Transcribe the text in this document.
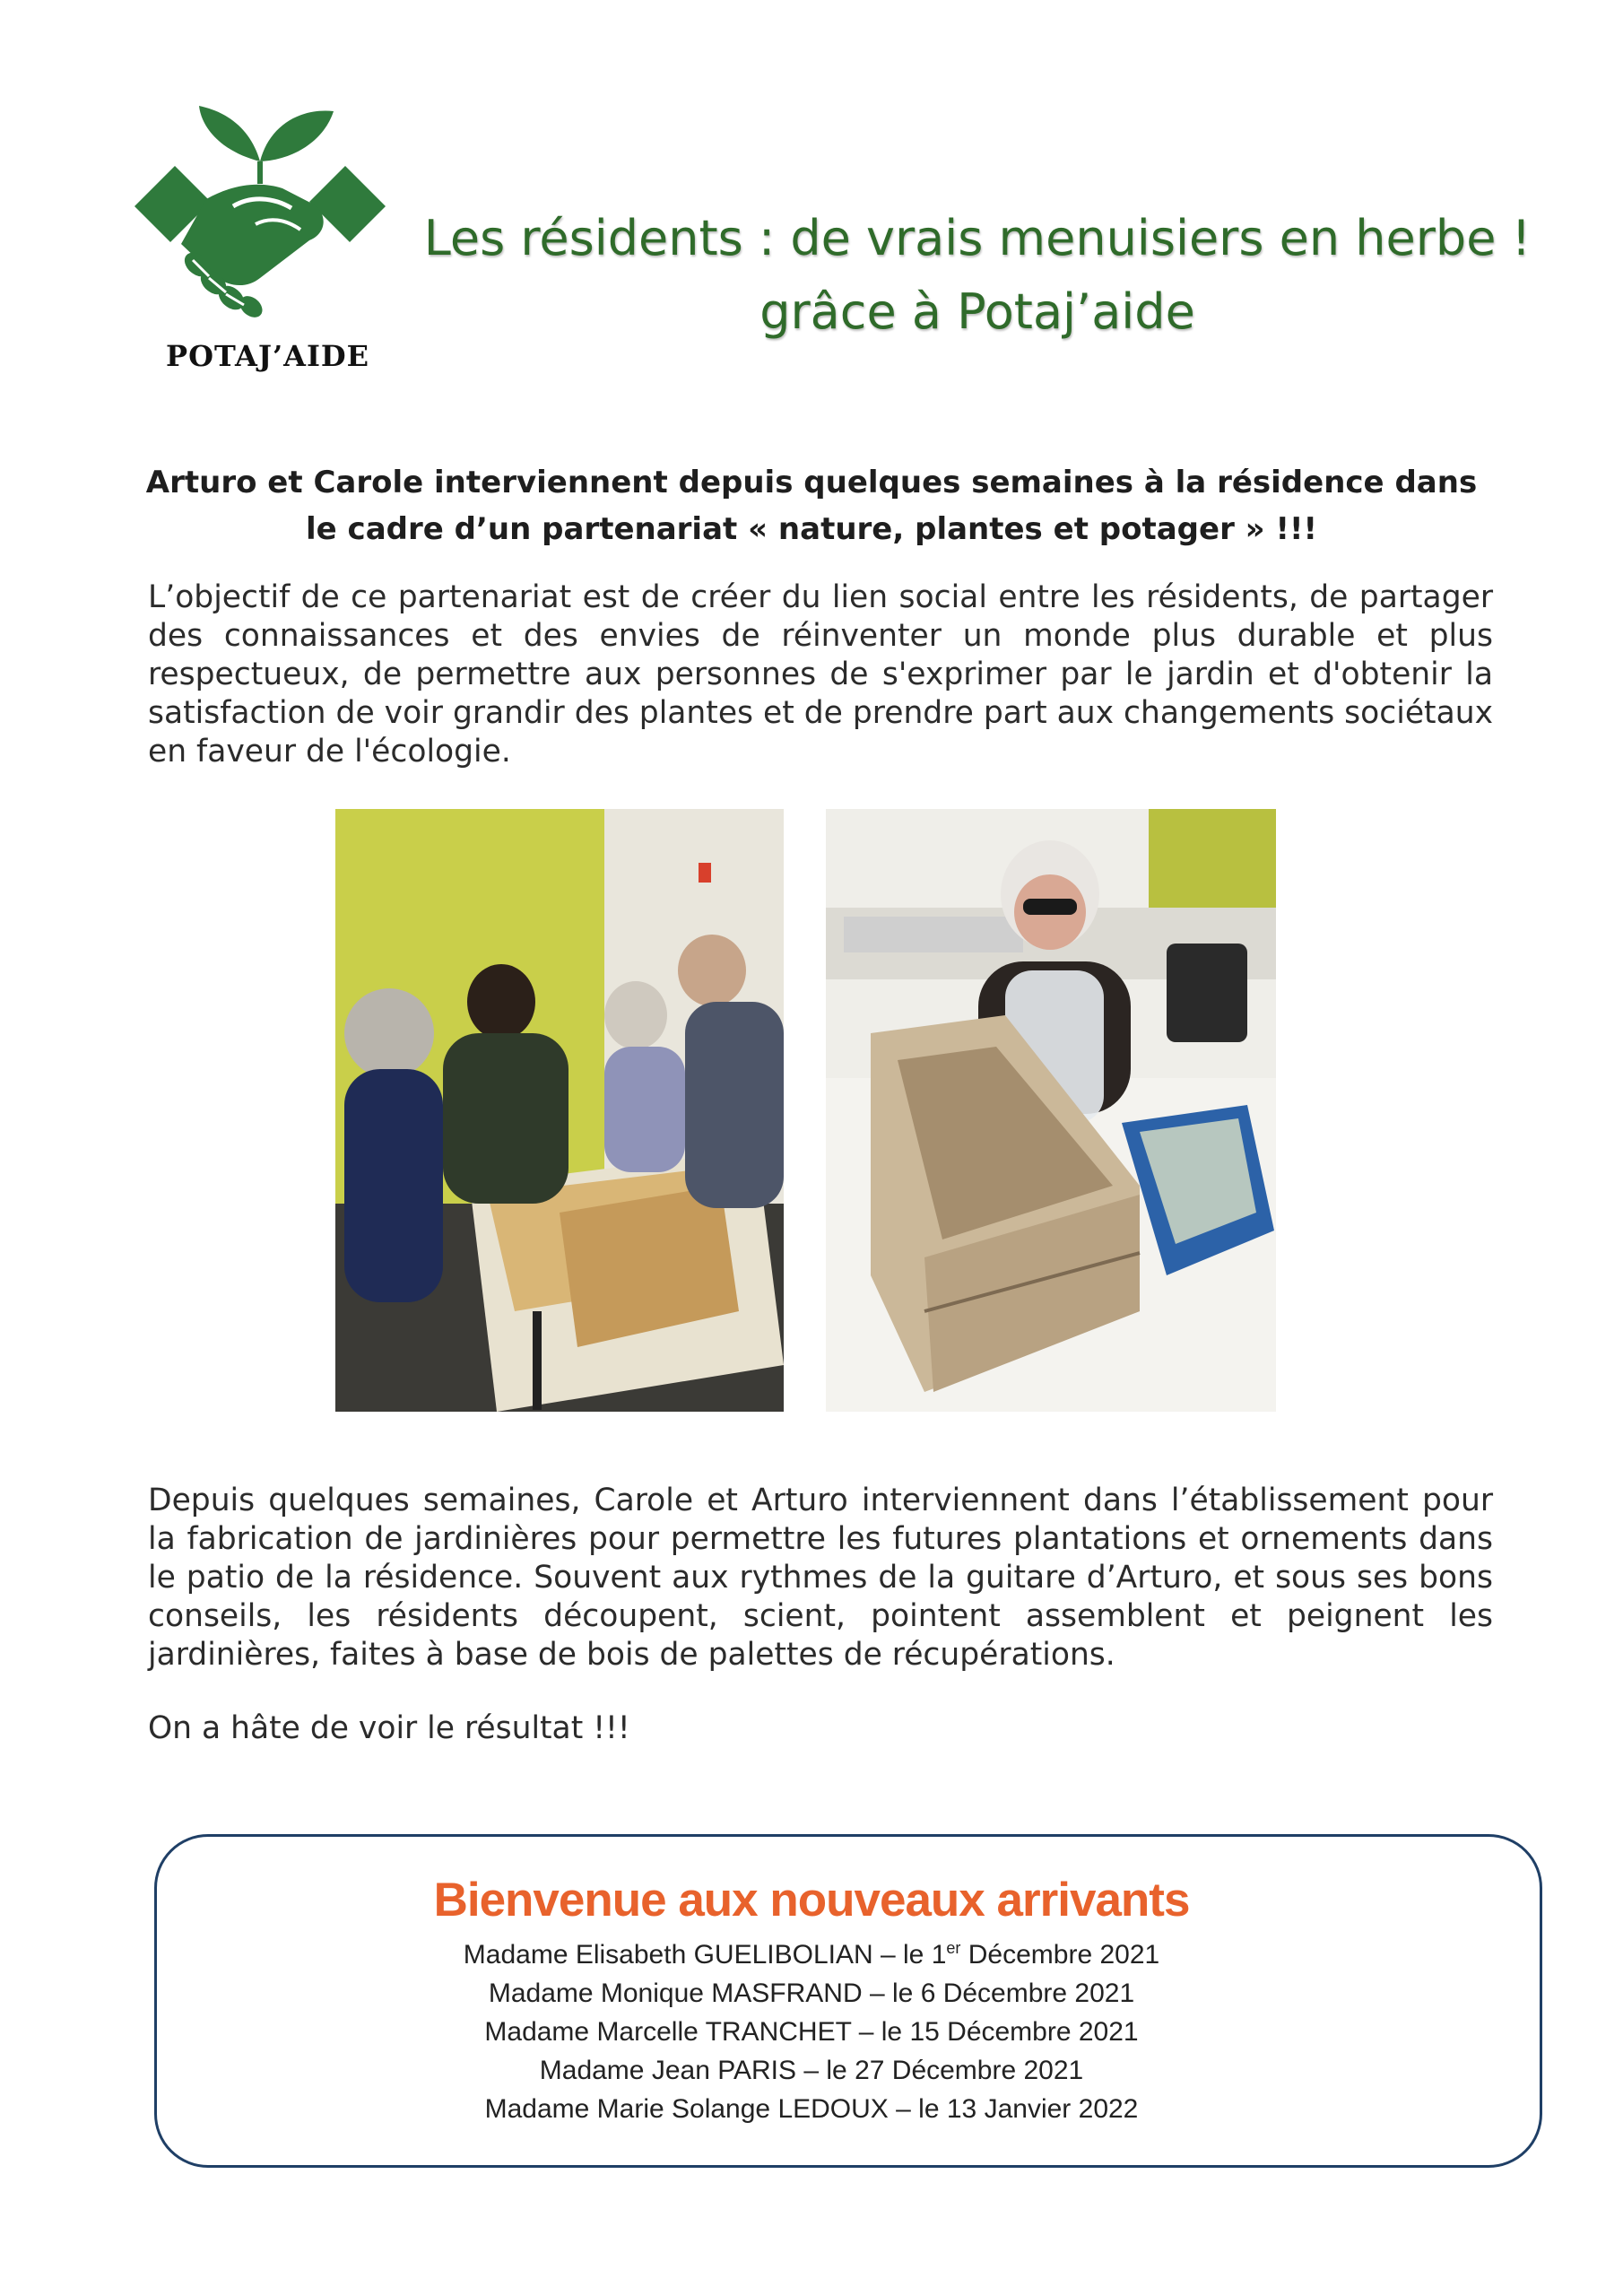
POTAJ’AIDE
Les résidents : de vrais menuisiers en herbe !
grâce à Potaj’aide
Arturo et Carole interviennent depuis quelques semaines à la résidence dans le cadre d’un partenariat « nature, plantes et potager » !!!
L’objectif de ce partenariat est de créer du lien social entre les résidents, de partager des connaissances et des envies de réinventer un monde plus durable et plus respectueux, de permettre aux personnes de s'exprimer par le jardin et d'obtenir la satisfaction de voir grandir des plantes et de prendre part aux changements sociétaux en faveur de l'écologie.
Depuis quelques semaines, Carole et Arturo interviennent dans l’établissement pour la fabrication de jardinières pour permettre les futures plantations et ornements dans le patio de la résidence. Souvent aux rythmes de la guitare d’Arturo, et sous ses bons conseils, les résidents découpent, scient, pointent assemblent et peignent les jardinières, faites à base de bois de palettes de récupérations.
On a hâte de voir le résultat !!!
Bienvenue aux nouveaux arrivants
Madame Elisabeth GUELIBOLIAN – le 1er Décembre 2021
Madame Monique MASFRAND – le 6 Décembre 2021
Madame Marcelle TRANCHET – le 15 Décembre 2021
Madame Jean PARIS – le 27 Décembre 2021
Madame Marie Solange LEDOUX – le 13 Janvier 2022
